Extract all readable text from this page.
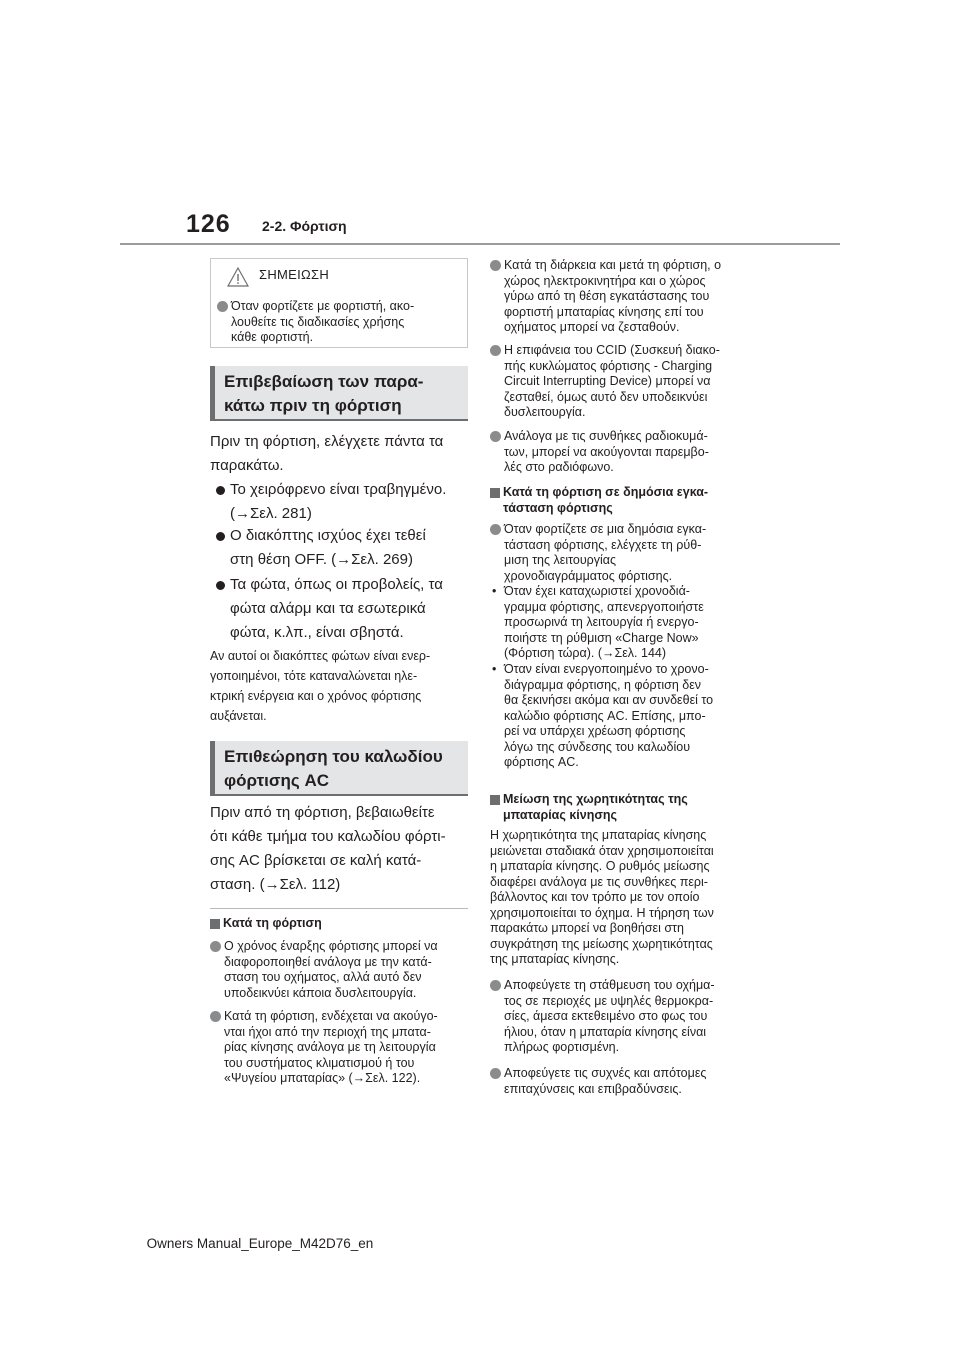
126 2-2. Φόρτιση
ΣΗΜΕΙΩΣΗ
Όταν φορτίζετε με φορτιστή, ακο-
λουθείτε τις διαδικασίες χρήσης
κάθε φορτιστή.
Επιβεβαίωση των παρα-
κάτω πριν τη φόρτιση
Πριν τη φόρτιση, ελέγχετε πάντα τα
παρακάτω.
Το χειρόφρενο είναι τραβηγμένο.
(→Σελ. 281)
Ο διακόπτης ισχύος έχει τεθεί
στη θέση OFF. (→Σελ. 269)
Τα φώτα, όπως οι προβολείς, τα
φώτα αλάρμ και τα εσωτερικά
φώτα, κ.λπ., είναι σβηστά.
Αν αυτοί οι διακόπτες φώτων είναι ενερ-
γοποιημένοι, τότε καταναλώνεται ηλε-
κτρική ενέργεια και ο χρόνος φόρτισης
αυξάνεται.
Επιθεώρηση του καλωδίου
φόρτισης AC
Πριν από τη φόρτιση, βεβαιωθείτε
ότι κάθε τμήμα του καλωδίου φόρτι-
σης AC βρίσκεται σε καλή κατά-
σταση. (→Σελ. 112)
Κατά τη φόρτιση
Ο χρόνος έναρξης φόρτισης μπορεί να
διαφοροποιηθεί ανάλογα με την κατά-
σταση του οχήματος, αλλά αυτό δεν
υποδεικνύει κάποια δυσλειτουργία.
Κατά τη φόρτιση, ενδέχεται να ακούγο-
νται ήχοι από την περιοχή της μπατα-
ρίας κίνησης ανάλογα με τη λειτουργία
του συστήματος κλιματισμού ή του
«Ψυγείου μπαταρίας» (→Σελ. 122).
Κατά τη διάρκεια και μετά τη φόρτιση, ο
χώρος ηλεκτροκινητήρα και ο χώρος
γύρω από τη θέση εγκατάστασης του
φορτιστή μπαταρίας κίνησης επί του
οχήματος μπορεί να ζεσταθούν.
Η επιφάνεια του CCID (Συσκευή διακο-
πής κυκλώματος φόρτισης - Charging
Circuit Interrupting Device) μπορεί να
ζεσταθεί, όμως αυτό δεν υποδεικνύει
δυσλειτουργία.
Ανάλογα με τις συνθήκες ραδιοκυμά-
των, μπορεί να ακούγονται παρεμβο-
λές στο ραδιόφωνο.
Κατά τη φόρτιση σε δημόσια εγκα-
τάσταση φόρτισης
Όταν φορτίζετε σε μια δημόσια εγκα-
τάσταση φόρτισης, ελέγχετε τη ρύθ-
μιση της λειτουργίας
χρονοδιαγράμματος φόρτισης.
• Όταν έχει καταχωριστεί χρονοδιά-
γραμμα φόρτισης, απενεργοποιήστε
προσωρινά τη λειτουργία ή ενεργο-
ποιήστε τη ρύθμιση «Charge Now»
(Φόρτιση τώρα). (→Σελ. 144)
• Όταν είναι ενεργοποιημένο το χρονο-
διάγραμμα φόρτισης, η φόρτιση δεν
θα ξεκινήσει ακόμα και αν συνδεθεί το
καλώδιο φόρτισης AC. Επίσης, μπο-
ρεί να υπάρχει χρέωση φόρτισης
λόγω της σύνδεσης του καλωδίου
φόρτισης AC.
Μείωση της χωρητικότητας της
μπαταρίας κίνησης
Η χωρητικότητα της μπαταρίας κίνησης
μειώνεται σταδιακά όταν χρησιμοποιείται
η μπαταρία κίνησης. Ο ρυθμός μείωσης
διαφέρει ανάλογα με τις συνθήκες περι-
βάλλοντος και τον τρόπο με τον οποίο
χρησιμοποιείται το όχημα. Η τήρηση των
παρακάτω μπορεί να βοηθήσει στη
συγκράτηση της μείωσης χωρητικότητας
της μπαταρίας κίνησης.
Αποφεύγετε τη στάθμευση του οχήμα-
τος σε περιοχές με υψηλές θερμοκρα-
σίες, άμεσα εκτεθειμένο στο φως του
ήλιου, όταν η μπαταρία κίνησης είναι
πλήρως φορτισμένη.
Αποφεύγετε τις συχνές και απότομες
επιταχύνσεις και επιβραδύνσεις.
Owners Manual_Europe_M42D76_en
